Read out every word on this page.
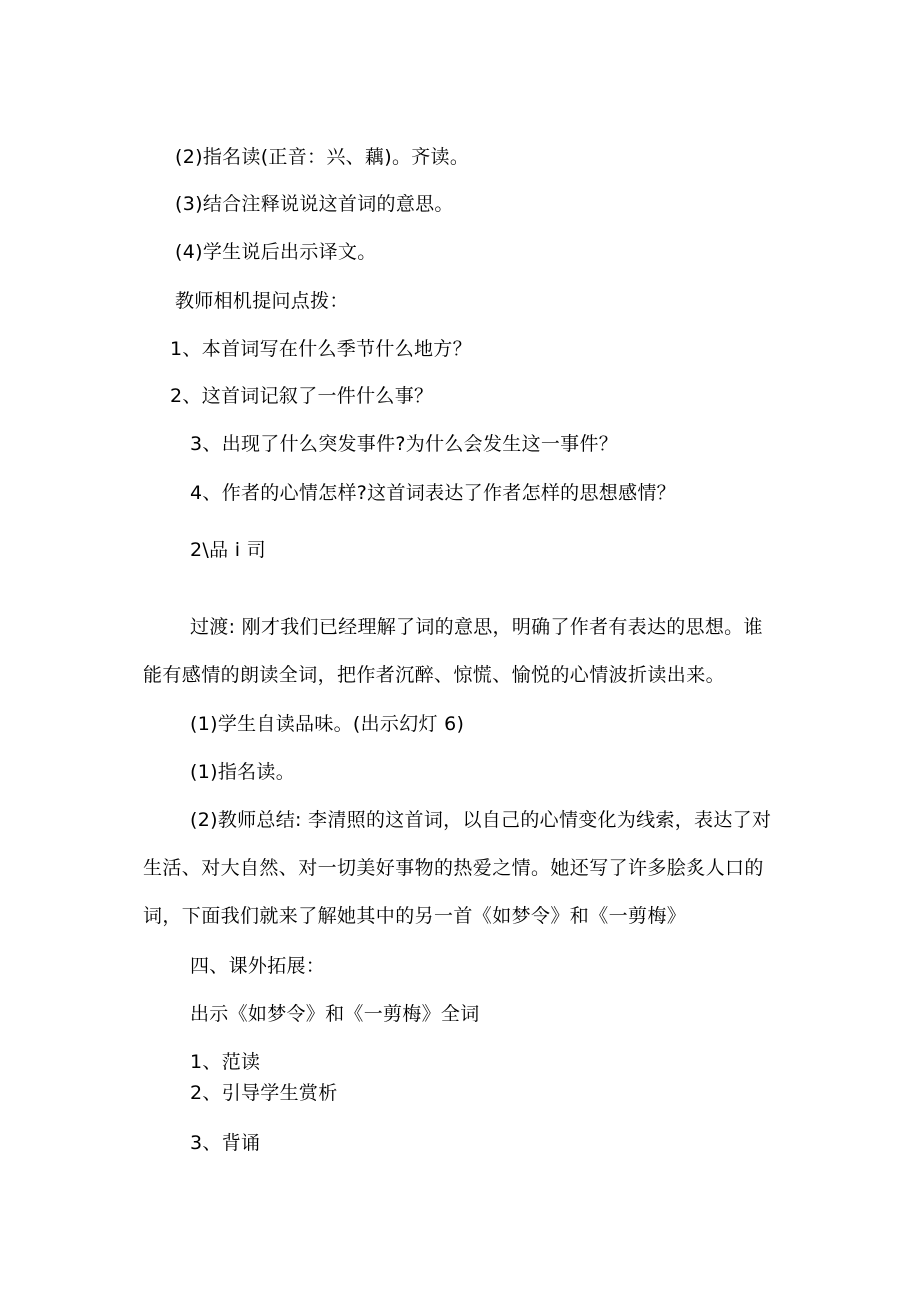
(2)指名读(正音：兴、藕)。齐读。
(3)结合注释说说这首词的意思。
(4)学生说后出示译文。
教师相机提问点拨：
1、本首词写在什么季节什么地方？
2、这首词记叙了一件什么事？
3、出现了什么突发事件?为什么会发生这一事件？
4、作者的心情怎样?这首词表达了作者怎样的思想感情？
2\品 i 司
过渡: 刚才我们已经理解了词的意思，明确了作者有表达的思想。谁
能有感情的朗读全词，把作者沉醉、惊慌、愉悦的心情波折读出来。
(1)学生自读品味。(出示幻灯 6)
(1)指名读。
(2)教师总结: 李清照的这首词，以自己的心情变化为线索，表达了对
生活、对大自然、对一切美好事物的热爱之情。她还写了许多脍炙人口的
词，下面我们就来了解她其中的另一首《如梦令》和《一剪梅》
四、课外拓展：
出示《如梦令》和《一剪梅》全词
1、范读
2、引导学生赏析
3、背诵
